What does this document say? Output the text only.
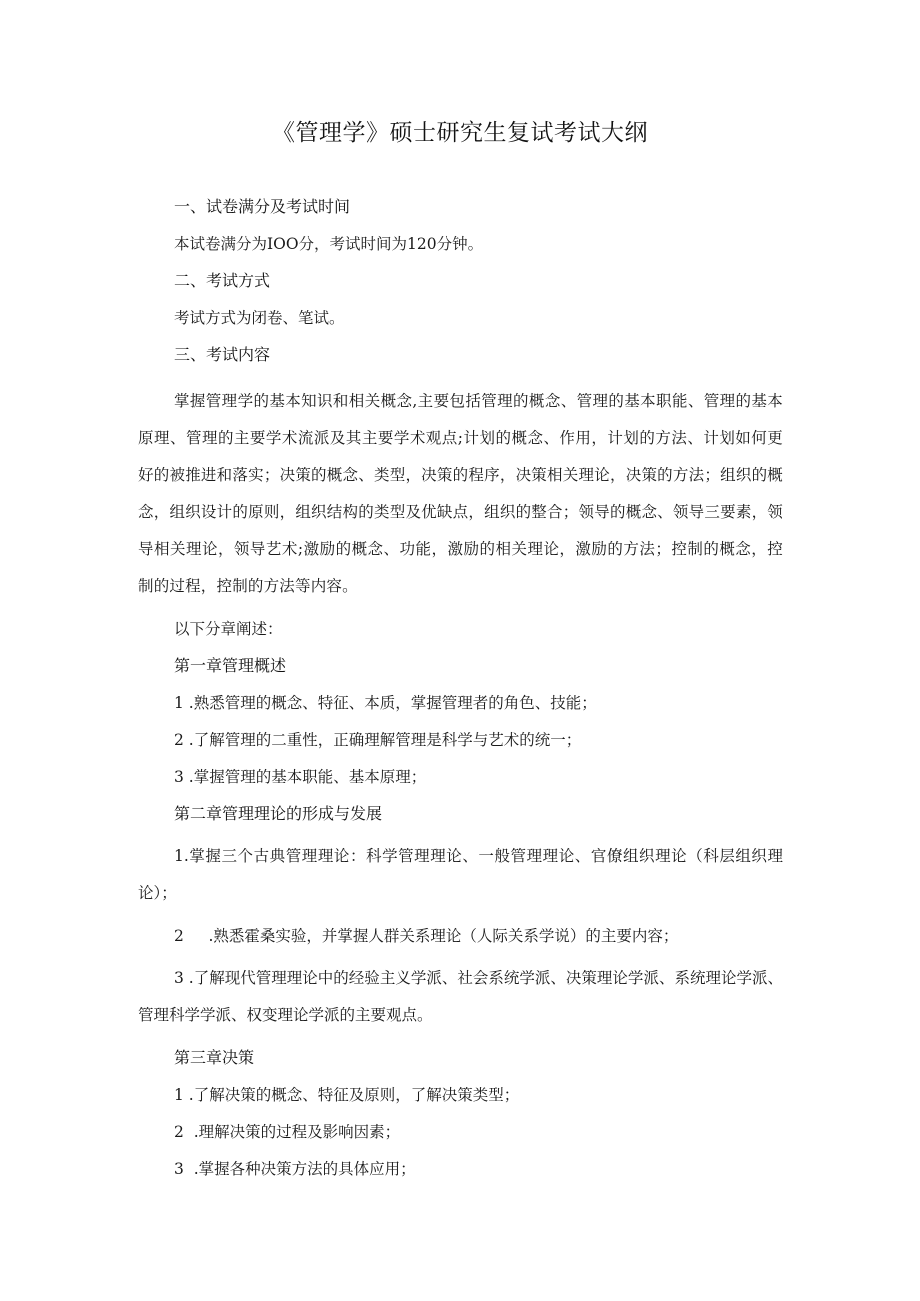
《管理学》硕士研究生复试考试大纲
一、试卷满分及考试时间
本试卷满分为IOO分，考试时间为120分钟。
二、考试方式
考试方式为闭卷、笔试。
三、考试内容
掌握管理学的基本知识和相关概念,主要包括管理的概念、管理的基本职能、管理的基本原理、管理的主要学术流派及其主要学术观点;计划的概念、作用，计划的方法、计划如何更好的被推进和落实；决策的概念、类型，决策的程序，决策相关理论，决策的方法；组织的概念，组织设计的原则，组织结构的类型及优缺点，组织的整合；领导的概念、领导三要素，领导相关理论，领导艺术;激励的概念、功能，激励的相关理论，激励的方法；控制的概念，控制的过程，控制的方法等内容。
以下分章阐述：
第一章管理概述
1 .熟悉管理的概念、特征、本质，掌握管理者的角色、技能；
2 .了解管理的二重性，正确理解管理是科学与艺术的统一；
3 .掌握管理的基本职能、基本原理；
第二章管理理论的形成与发展
1.掌握三个古典管理理论：科学管理理论、一般管理理论、官僚组织理论（科层组织理论）；
2     .熟悉霍桑实验，并掌握人群关系理论（人际关系学说）的主要内容；
3 .了解现代管理理论中的经验主义学派、社会系统学派、决策理论学派、系统理论学派、管理科学学派、权变理论学派的主要观点。
第三章决策
1 .了解决策的概念、特征及原则，了解决策类型；
2  .理解决策的过程及影响因素；
3  .掌握各种决策方法的具体应用；
